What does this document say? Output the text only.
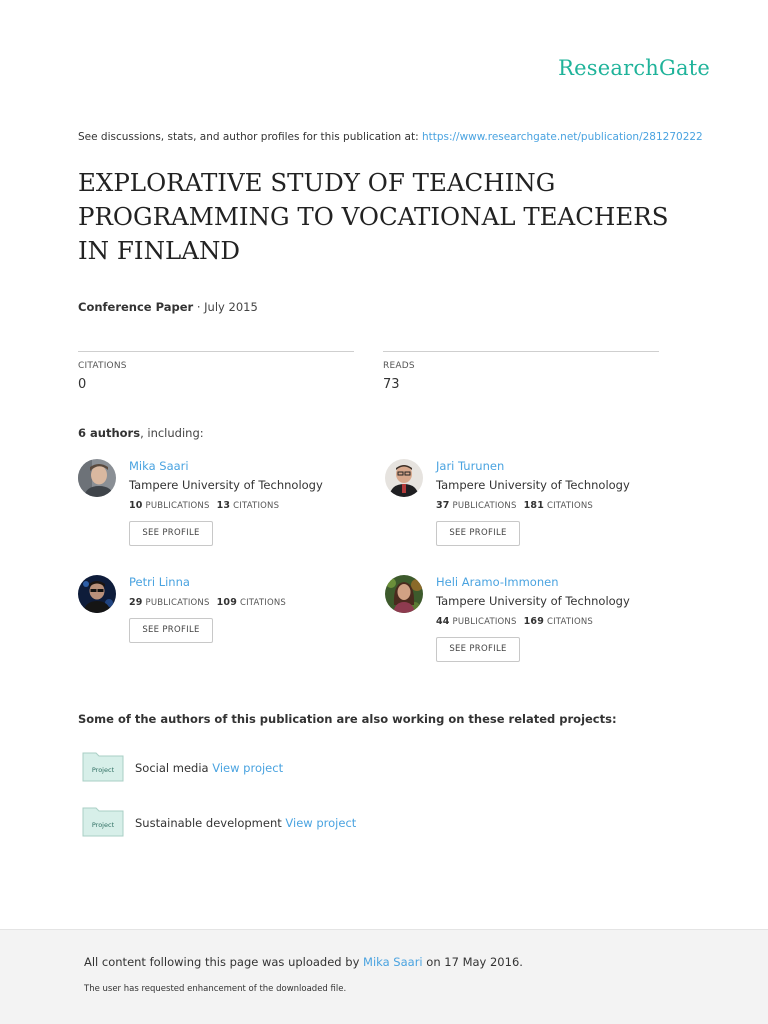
ResearchGate
See discussions, stats, and author profiles for this publication at: https://www.researchgate.net/publication/281270222
EXPLORATIVE STUDY OF TEACHING PROGRAMMING TO VOCATIONAL TEACHERS IN FINLAND
Conference Paper · July 2015
CITATIONS
0
READS
73
6 authors, including:
Mika Saari
Tampere University of Technology
10 PUBLICATIONS 13 CITATIONS
SEE PROFILE
Jari Turunen
Tampere University of Technology
37 PUBLICATIONS 181 CITATIONS
SEE PROFILE
Petri Linna
29 PUBLICATIONS 109 CITATIONS
SEE PROFILE
Heli Aramo-Immonen
Tampere University of Technology
44 PUBLICATIONS 169 CITATIONS
SEE PROFILE
Some of the authors of this publication are also working on these related projects:
Project Social media View project
Project Sustainable development View project
All content following this page was uploaded by Mika Saari on 17 May 2016.
The user has requested enhancement of the downloaded file.
